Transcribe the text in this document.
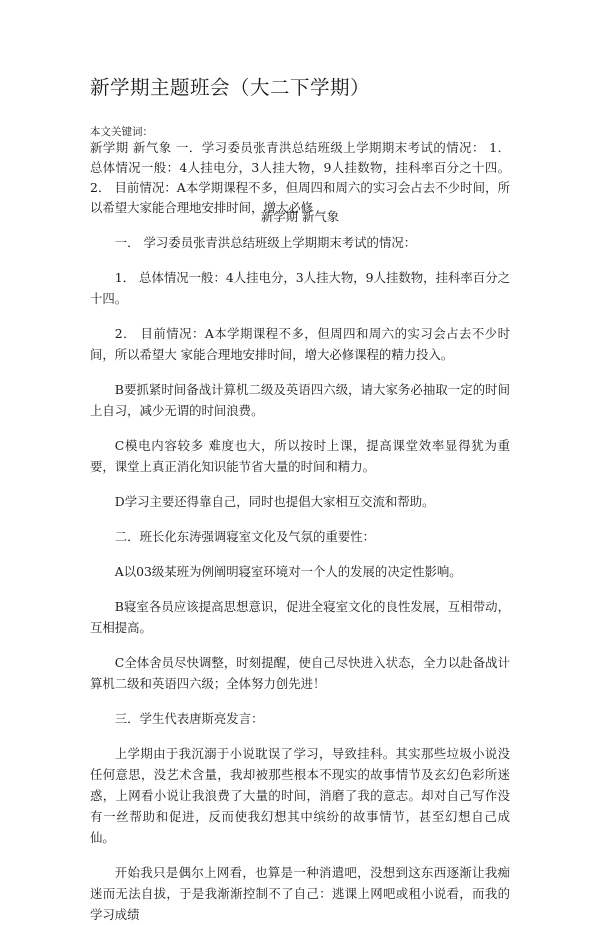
新学期主题班会（大二下学期）
本文关键词：
新学期 新气象 一．学习委员张青洪总结班级上学期期末考试的情况： 1． 总体情况一般：4人挂电分，3人挂大物，9人挂数物，挂科率百分之十四。 2． 目前情况：A本学期课程不多，但周四和周六的实习会占去不少时间，所以希望大家能合理地安排时间，增大必修
新学期 新气象

一． 学习委员张青洪总结班级上学期期末考试的情况：

1． 总体情况一般：4人挂电分，3人挂大物，9人挂数物，挂科率百分之十四。

2． 目前情况：A本学期课程不多，但周四和周六的实习会占去不少时间，所以希望大 家能合理地安排时间，增大必修课程的精力投入。

B要抓紧时间备战计算机二级及英语四六级，请大家务必抽取一定的时间上自习，减少无谓的时间浪费。

C模电内容较多 难度也大，所以按时上课，提高课堂效率显得犹为重要，课堂上真正消化知识能节省大量的时间和精力。

D学习主要还得靠自己，同时也提倡大家相互交流和帮助。

二．班长化东涛强调寝室文化及气氛的重要性：

A以03级某班为例阐明寝室环境对一个人的发展的决定性影响。

B寝室各员应该提高思想意识，促进全寝室文化的良性发展，互相带动，互相提高。

C全体舍员尽快调整，时刻提醒，使自己尽快进入状态，全力以赴备战计算机二级和英语四六级；全体努力创先进！

三．学生代表唐斯亮发言：

上学期由于我沉溺于小说耽误了学习，导致挂科。其实那些垃圾小说没任何意思，没艺术含量，我却被那些根本不现实的故事情节及玄幻色彩所迷惑，上网看小说让我浪费了大量的时间，消磨了我的意志。却对自己写作没有一丝帮助和促进，反而使我幻想其中缤纷的故事情节，甚至幻想自己成仙。

开始我只是偶尔上网看，也算是一种消遣吧，没想到这东西逐渐让我痴迷而无法自拔，于是我渐渐控制不了自己：逃课上网吧或租小说看，而我的学习成绩
